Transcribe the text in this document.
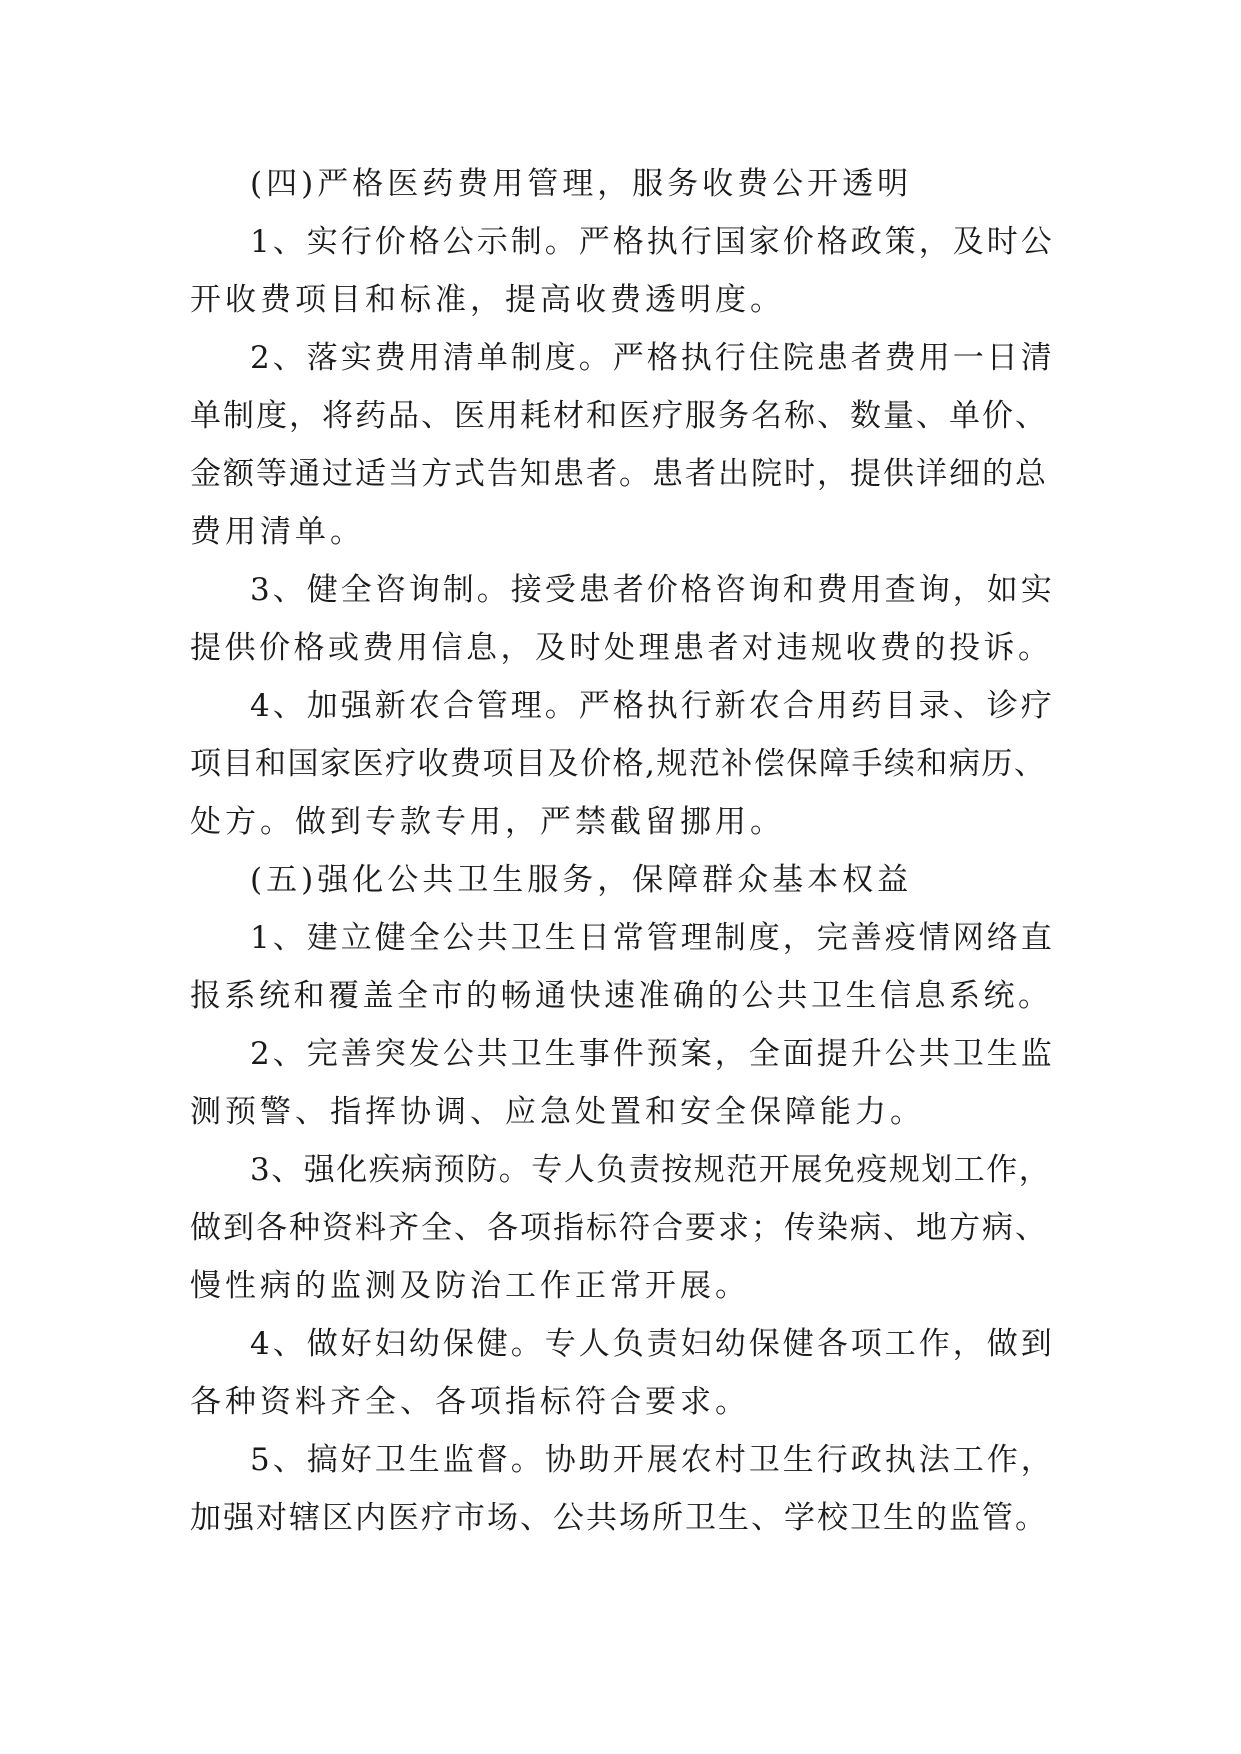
(四)严格医药费用管理，服务收费公开透明
1、实行价格公示制。严格执行国家价格政策，及时公
开收费项目和标准，提高收费透明度。
2、落实费用清单制度。严格执行住院患者费用一日清
单制度，将药品、医用耗材和医疗服务名称、数量、单价、
金额等通过适当方式告知患者。患者出院时，提供详细的总
费用清单。
3、健全咨询制。接受患者价格咨询和费用查询，如实
提供价格或费用信息，及时处理患者对违规收费的投诉。
4、加强新农合管理。严格执行新农合用药目录、诊疗
项目和国家医疗收费项目及价格,规范补偿保障手续和病历、
处方。做到专款专用，严禁截留挪用。
(五)强化公共卫生服务，保障群众基本权益
1、建立健全公共卫生日常管理制度，完善疫情网络直
报系统和覆盖全市的畅通快速准确的公共卫生信息系统。
2、完善突发公共卫生事件预案，全面提升公共卫生监
测预警、指挥协调、应急处置和安全保障能力。
3、强化疾病预防。专人负责按规范开展免疫规划工作，
做到各种资料齐全、各项指标符合要求；传染病、地方病、
慢性病的监测及防治工作正常开展。
4、做好妇幼保健。专人负责妇幼保健各项工作，做到
各种资料齐全、各项指标符合要求。
5、搞好卫生监督。协助开展农村卫生行政执法工作，
加强对辖区内医疗市场、公共场所卫生、学校卫生的监管。
